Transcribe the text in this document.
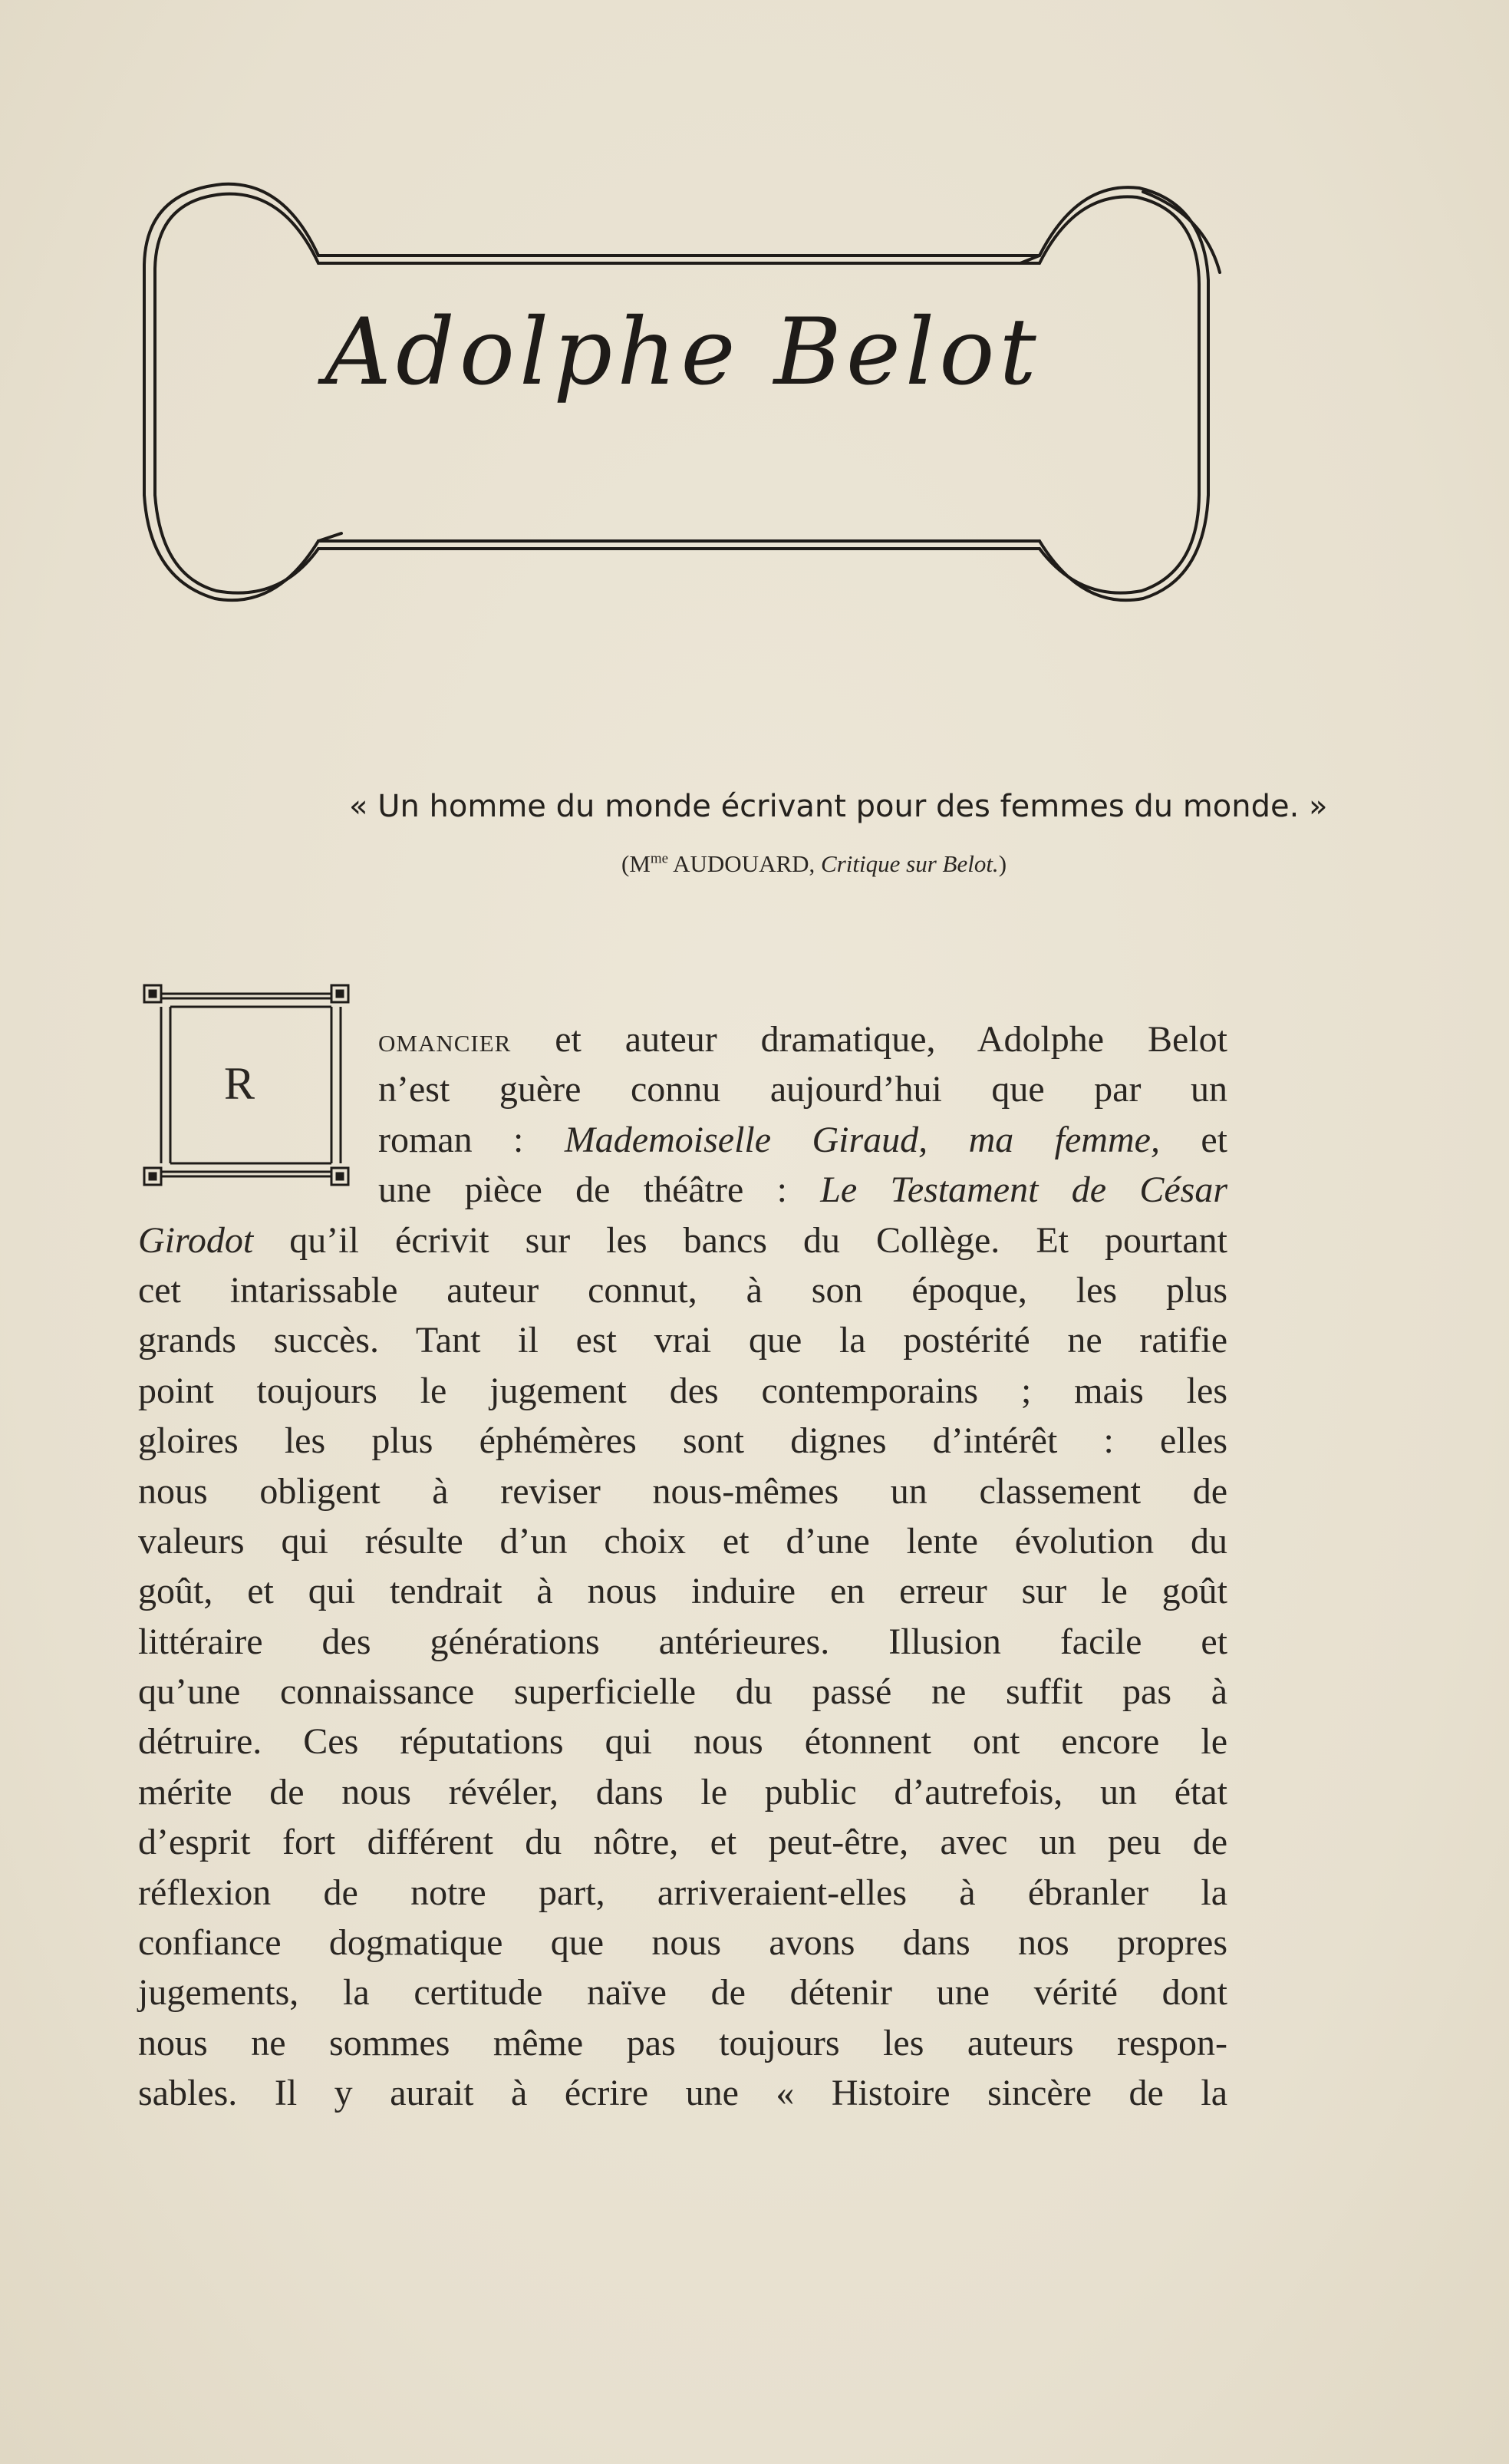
Adolphe Belot
« Un homme du monde écrivant pour des femmes du monde. »
($M^{me}$ AUDOUARD, Critique sur Belot.)
R
omancier et auteur dramatique, Adolphe Belot
n’est guère connu aujourd’hui que par un
roman : Mademoiselle Giraud, ma femme, et
une pièce de théâtre : Le Testament de César
Girodot qu’il écrivit sur les bancs du Collège. Et pourtant
cet intarissable auteur connut, à son époque, les plus
grands succès. Tant il est vrai que la postérité ne ratifie
point toujours le jugement des contemporains ; mais les
gloires les plus éphémères sont dignes d’intérêt : elles
nous obligent à reviser nous-mêmes un classement de
valeurs qui résulte d’un choix et d’une lente évolution du
goût, et qui tendrait à nous induire en erreur sur le goût
littéraire des générations antérieures. Illusion facile et
qu’une connaissance superficielle du passé ne suffit pas à
détruire. Ces réputations qui nous étonnent ont encore le
mérite de nous révéler, dans le public d’autrefois, un état
d’esprit fort différent du nôtre, et peut-être, avec un peu de
réflexion de notre part, arriveraient-elles à ébranler la
confiance dogmatique que nous avons dans nos propres
jugements, la certitude naïve de détenir une vérité dont
nous ne sommes même pas toujours les auteurs respon-
sables. Il y aurait à écrire une « Histoire sincère de la
